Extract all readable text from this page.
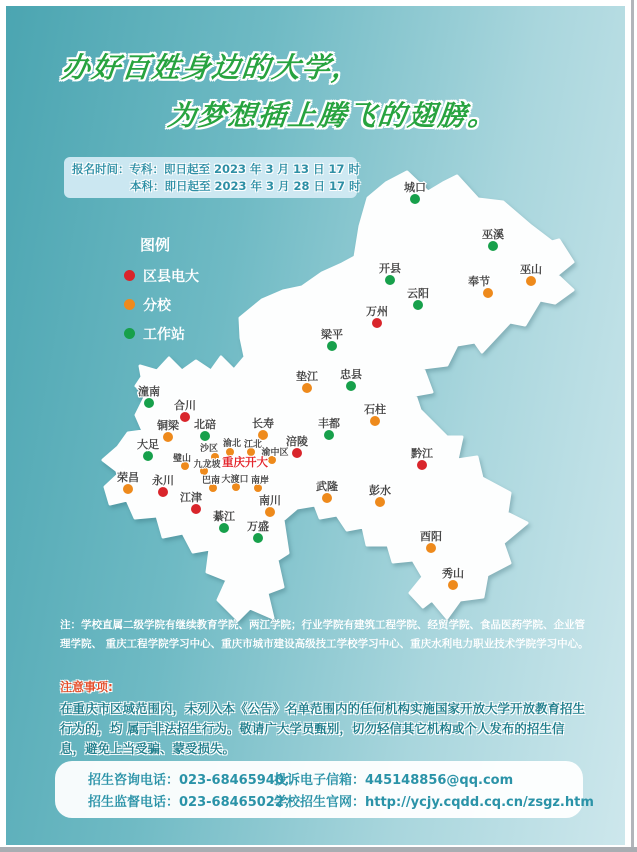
城口
巫溪
巫山
奉节
开县
云阳
万州
梁平
垫江 忠县
石柱
丰都
潼南
合川
铜梁 北碚	长寿
涪陵
大足
黔江
渝北 江北
沙区	渝中区
璧山
九龙坡
巴南 大渡口 南岸
荣昌 永川
江津
綦江
万盛
南川
武隆	彭水
酉阳
秀山
重庆开大
办好百姓身边的大学，
为梦想插上腾飞的翅膀。
报名时间：专科：即日起至 2023 年 3 月 13 日 17 时
本科：即日起至 2023 年 3 月 28 日 17 时
图例
区县电大
分校
工作站
注：学校直属二级学院有继续教育学院、两江学院；行业学院有建筑工程学院、经贸学院、食品医药学院、企业管理学院、 重庆工程学院学习中心、重庆市城市建设高级技工学校学习中心、重庆水利电力职业技术学院学习中心。
注意事项:
在重庆市区域范围内，未列入本《公告》名单范围内的任何机构实施国家开放大学开放教育招生行为的，均 属于非法招生行为。敬请广大学员甄别，切勿轻信其它机构或个人发布的招生信息，避免上当受骗、蒙受损失。
招生咨询电话：023-68465940；
投诉电子信箱：445148856@qq.com
招生监督电话：023-68465022；
学校招生官网：http://ycjy.cqdd.cq.cn/zsgz.htm
